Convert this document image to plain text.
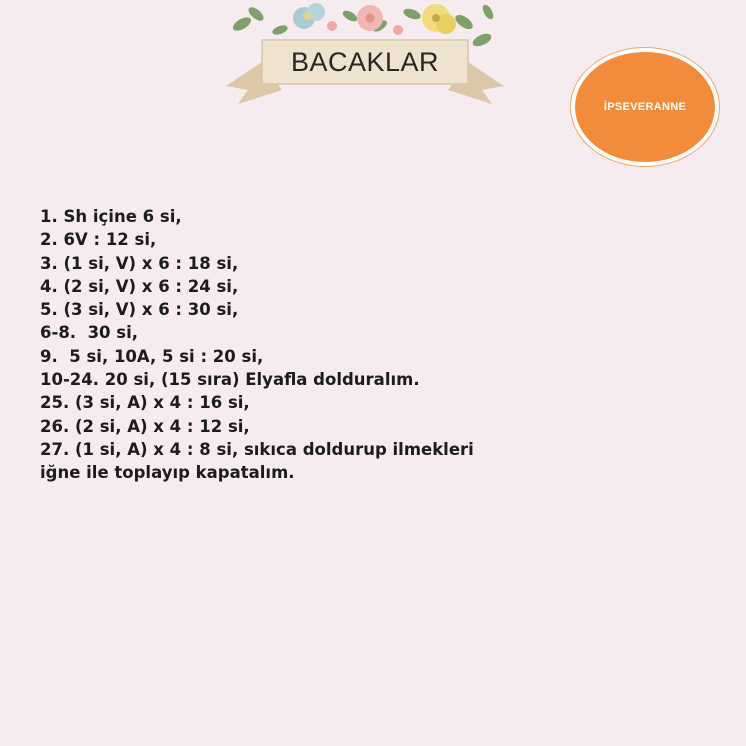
BACAKLAR
İPSEVERANNE
1. Sh içine 6 si,
2. 6V : 12 si,
3. (1 si, V) x 6 : 18 si,
4. (2 si, V) x 6 : 24 si,
5. (3 si, V) x 6 : 30 si,
6-8.  30 si,
9.  5 si, 10A, 5 si : 20 si,
10-24. 20 si, (15 sıra) Elyafla dolduralım.
25. (3 si, A) x 4 : 16 si,
26. (2 si, A) x 4 : 12 si,
27. (1 si, A) x 4 : 8 si, sıkıca doldurup ilmekleri
iğne ile toplayıp kapatalım.
